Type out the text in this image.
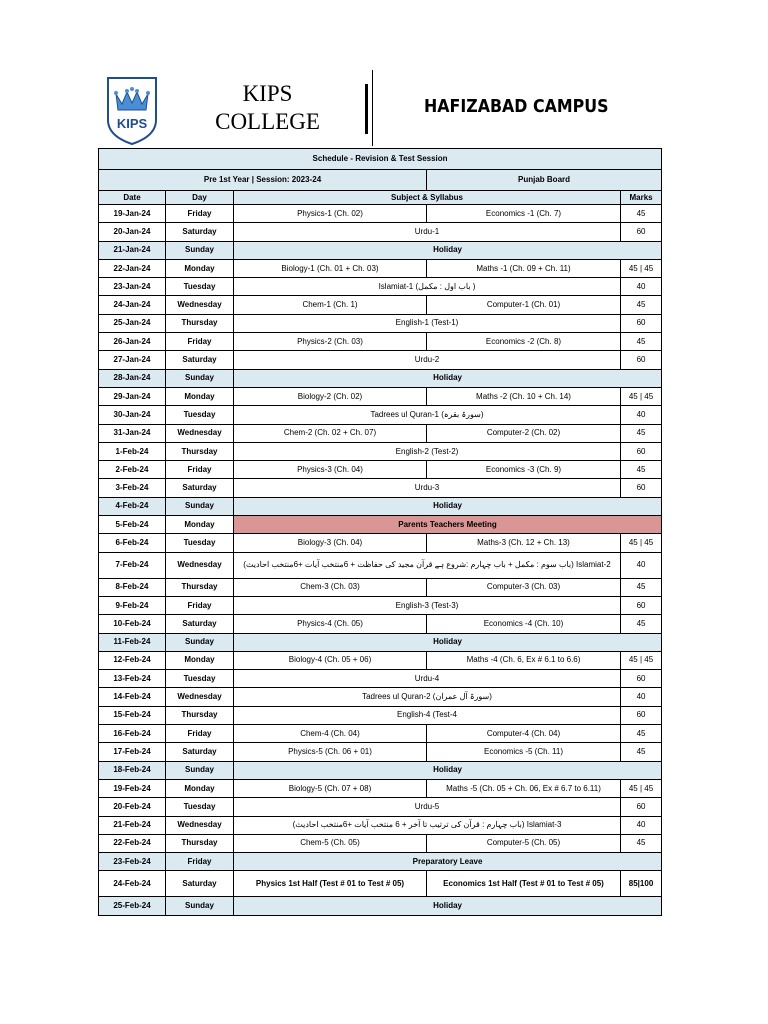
KIPS
KIPS
COLLEGE
HAFIZABAD CAMPUS
Schedule - Revision & Test Session				
Pre 1st Year | Session: 2023-24			Punjab Board	
Date	Day	Subject & Syllabus		Marks
19-Jan-24	Friday	Physics-1 (Ch. 02)	Economics -1 (Ch. 7)	45
20-Jan-24	Saturday	Urdu-1		60
21-Jan-24	Sunday	Holiday		
22-Jan-24	Monday	Biology-1 (Ch. 01 + Ch. 03)	Maths -1 (Ch. 09 + Ch. 11)	45 | 45
23-Jan-24	Tuesday	Islamiat-1 (باب اول : مکمل )		40
24-Jan-24	Wednesday	Chem-1 (Ch. 1)	Computer-1 (Ch. 01)	45
25-Jan-24	Thursday	English-1 (Test-1)		60
26-Jan-24	Friday	Physics-2 (Ch. 03)	Economics -2 (Ch. 8)	45
27-Jan-24	Saturday	Urdu-2		60
28-Jan-24	Sunday	Holiday		
29-Jan-24	Monday	Biology-2 (Ch. 02)	Maths -2 (Ch. 10 + Ch. 14)	45 | 45
30-Jan-24	Tuesday	Tadrees ul Quran-1 (سورۃ بقرہ)		40
31-Jan-24	Wednesday	Chem-2 (Ch. 02 + Ch. 07)	Computer-2 (Ch. 02)	45
1-Feb-24	Thursday	English-2 (Test-2)		60
2-Feb-24	Friday	Physics-3 (Ch. 04)	Economics -3 (Ch. 9)	45
3-Feb-24	Saturday	Urdu-3		60
4-Feb-24	Sunday	Holiday		
5-Feb-24	Monday	Parents Teachers Meeting		
6-Feb-24	Tuesday	Biology-3 (Ch. 04)	Maths-3 (Ch. 12 + Ch. 13)	45 | 45
7-Feb-24	Wednesday	(باب سوم : مکمل + باب چہارم :شروع ہے قرآن مجید کی حفاظت + 6منتخب آیات +6منتخب احادیث) Islamiat-2		40
8-Feb-24	Thursday	Chem-3 (Ch. 03)	Computer-3 (Ch. 03)	45
9-Feb-24	Friday	English-3 (Test-3)		60
10-Feb-24	Saturday	Physics-4 (Ch. 05)	Economics -4 (Ch. 10)	45
11-Feb-24	Sunday	Holiday		
12-Feb-24	Monday	Biology-4 (Ch. 05 + 06)	Maths -4 (Ch. 6, Ex # 6.1 to 6.6)	45 | 45
13-Feb-24	Tuesday	Urdu-4		60
14-Feb-24	Wednesday	Tadrees ul Quran-2 (سورۃ آل عمران)		40
15-Feb-24	Thursday	English-4 (Test-4		60
16-Feb-24	Friday	Chem-4 (Ch. 04)	Computer-4 (Ch. 04)	45
17-Feb-24	Saturday	Physics-5 (Ch. 06 + 01)	Economics -5 (Ch. 11)	45
18-Feb-24	Sunday	Holiday		
19-Feb-24	Monday	Biology-5 (Ch. 07 + 08)	Maths -5 (Ch. 05 + Ch. 06, Ex # 6.7 to 6.11)	45 | 45
20-Feb-24	Tuesday	Urdu-5		60
21-Feb-24	Wednesday	(باب چہارم : قرآن کی ترتیب تا آخر + 6 منتخب آیات +6منتخب احادیث) Islamiat-3		40
22-Feb-24	Thursday	Chem-5 (Ch. 05)	Computer-5 (Ch. 05)	45
23-Feb-24	Friday	Preparatory Leave		
24-Feb-24	Saturday	Physics 1st Half (Test # 01 to Test # 05)	Economics 1st Half (Test # 01 to Test # 05)	85|100
25-Feb-24	Sunday	Holiday		
